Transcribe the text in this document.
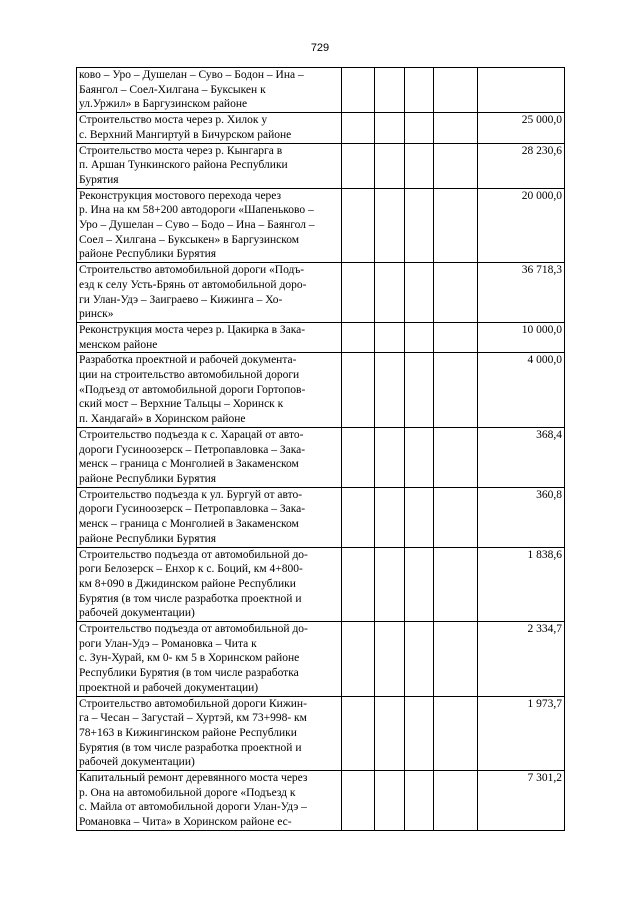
729
ково – Уро – Душелан – Суво – Бодон – Ина –
Баянгол – Соел-Хилгана – Буксыкен к
ул.Уржил» в Баргузинском районе					

Строительство моста через р. Хилок у
с. Верхний Мангиртуй в Бичурском районе					25 000,0

Строительство моста через р. Кынгарга в
п. Аршан Тункинского района Республики
Бурятия					28 230,6

Реконструкция мостового перехода через
р. Ина на км 58+200 автодороги «Шапеньково –
Уро – Душелан – Суво – Бодо – Ина – Баянгол –
Соел – Хилгана – Буксыкен» в Баргузинском
районе Республики Бурятия					20 000,0

Строительство автомобильной дороги «Подъ-
езд к селу Усть-Брянь от автомобильной доро-
ги Улан-Удэ – Заиграево – Кижинга – Хо-
ринск»					36 718,3

Реконструкция моста через р. Цакирка в Зака-
менском районе					10 000,0

Разработка проектной и рабочей документа-
ции на строительство автомобильной дороги
«Подъезд от автомобильной дороги Гортопов-
ский мост – Верхние Тальцы – Хоринск к
п. Хандагай» в Хоринском районе					4 000,0

Строительство подъезда к с. Харацай от авто-
дороги Гусиноозерск – Петропавловка – Зака-
менск – граница с Монголией в Закаменском
районе Республики Бурятия					368,4

Строительство подъезда к ул. Бургуй от авто-
дороги Гусиноозерск – Петропавловка – Зака-
менск – граница с Монголией в Закаменском
районе Республики Бурятия					360,8

Строительство подъезда от автомобильной до-
роги Белозерск – Енхор к с. Боций, км 4+800-
км 8+090 в Джидинском районе Республики
Бурятия (в том числе разработка проектной и
рабочей документации)					1 838,6

Строительство подъезда от автомобильной до-
роги Улан-Удэ – Романовка – Чита к
с. Зун-Хурай, км 0- км 5 в Хоринском районе
Республики Бурятия (в том числе разработка
проектной и рабочей документации)					2 334,7

Строительство автомобильной дороги Кижин-
га – Чесан – Загустай – Хуртэй, км 73+998- км
78+163 в Кижингинском районе Республики
Бурятия (в том числе разработка проектной и
рабочей документации)					1 973,7

Капитальный ремонт деревянного моста через
р. Она на автомобильной дороге «Подъезд к
с. Майла от автомобильной дороги Улан-Удэ –
Романовка – Чита» в Хоринском районе ес-					7 301,2
